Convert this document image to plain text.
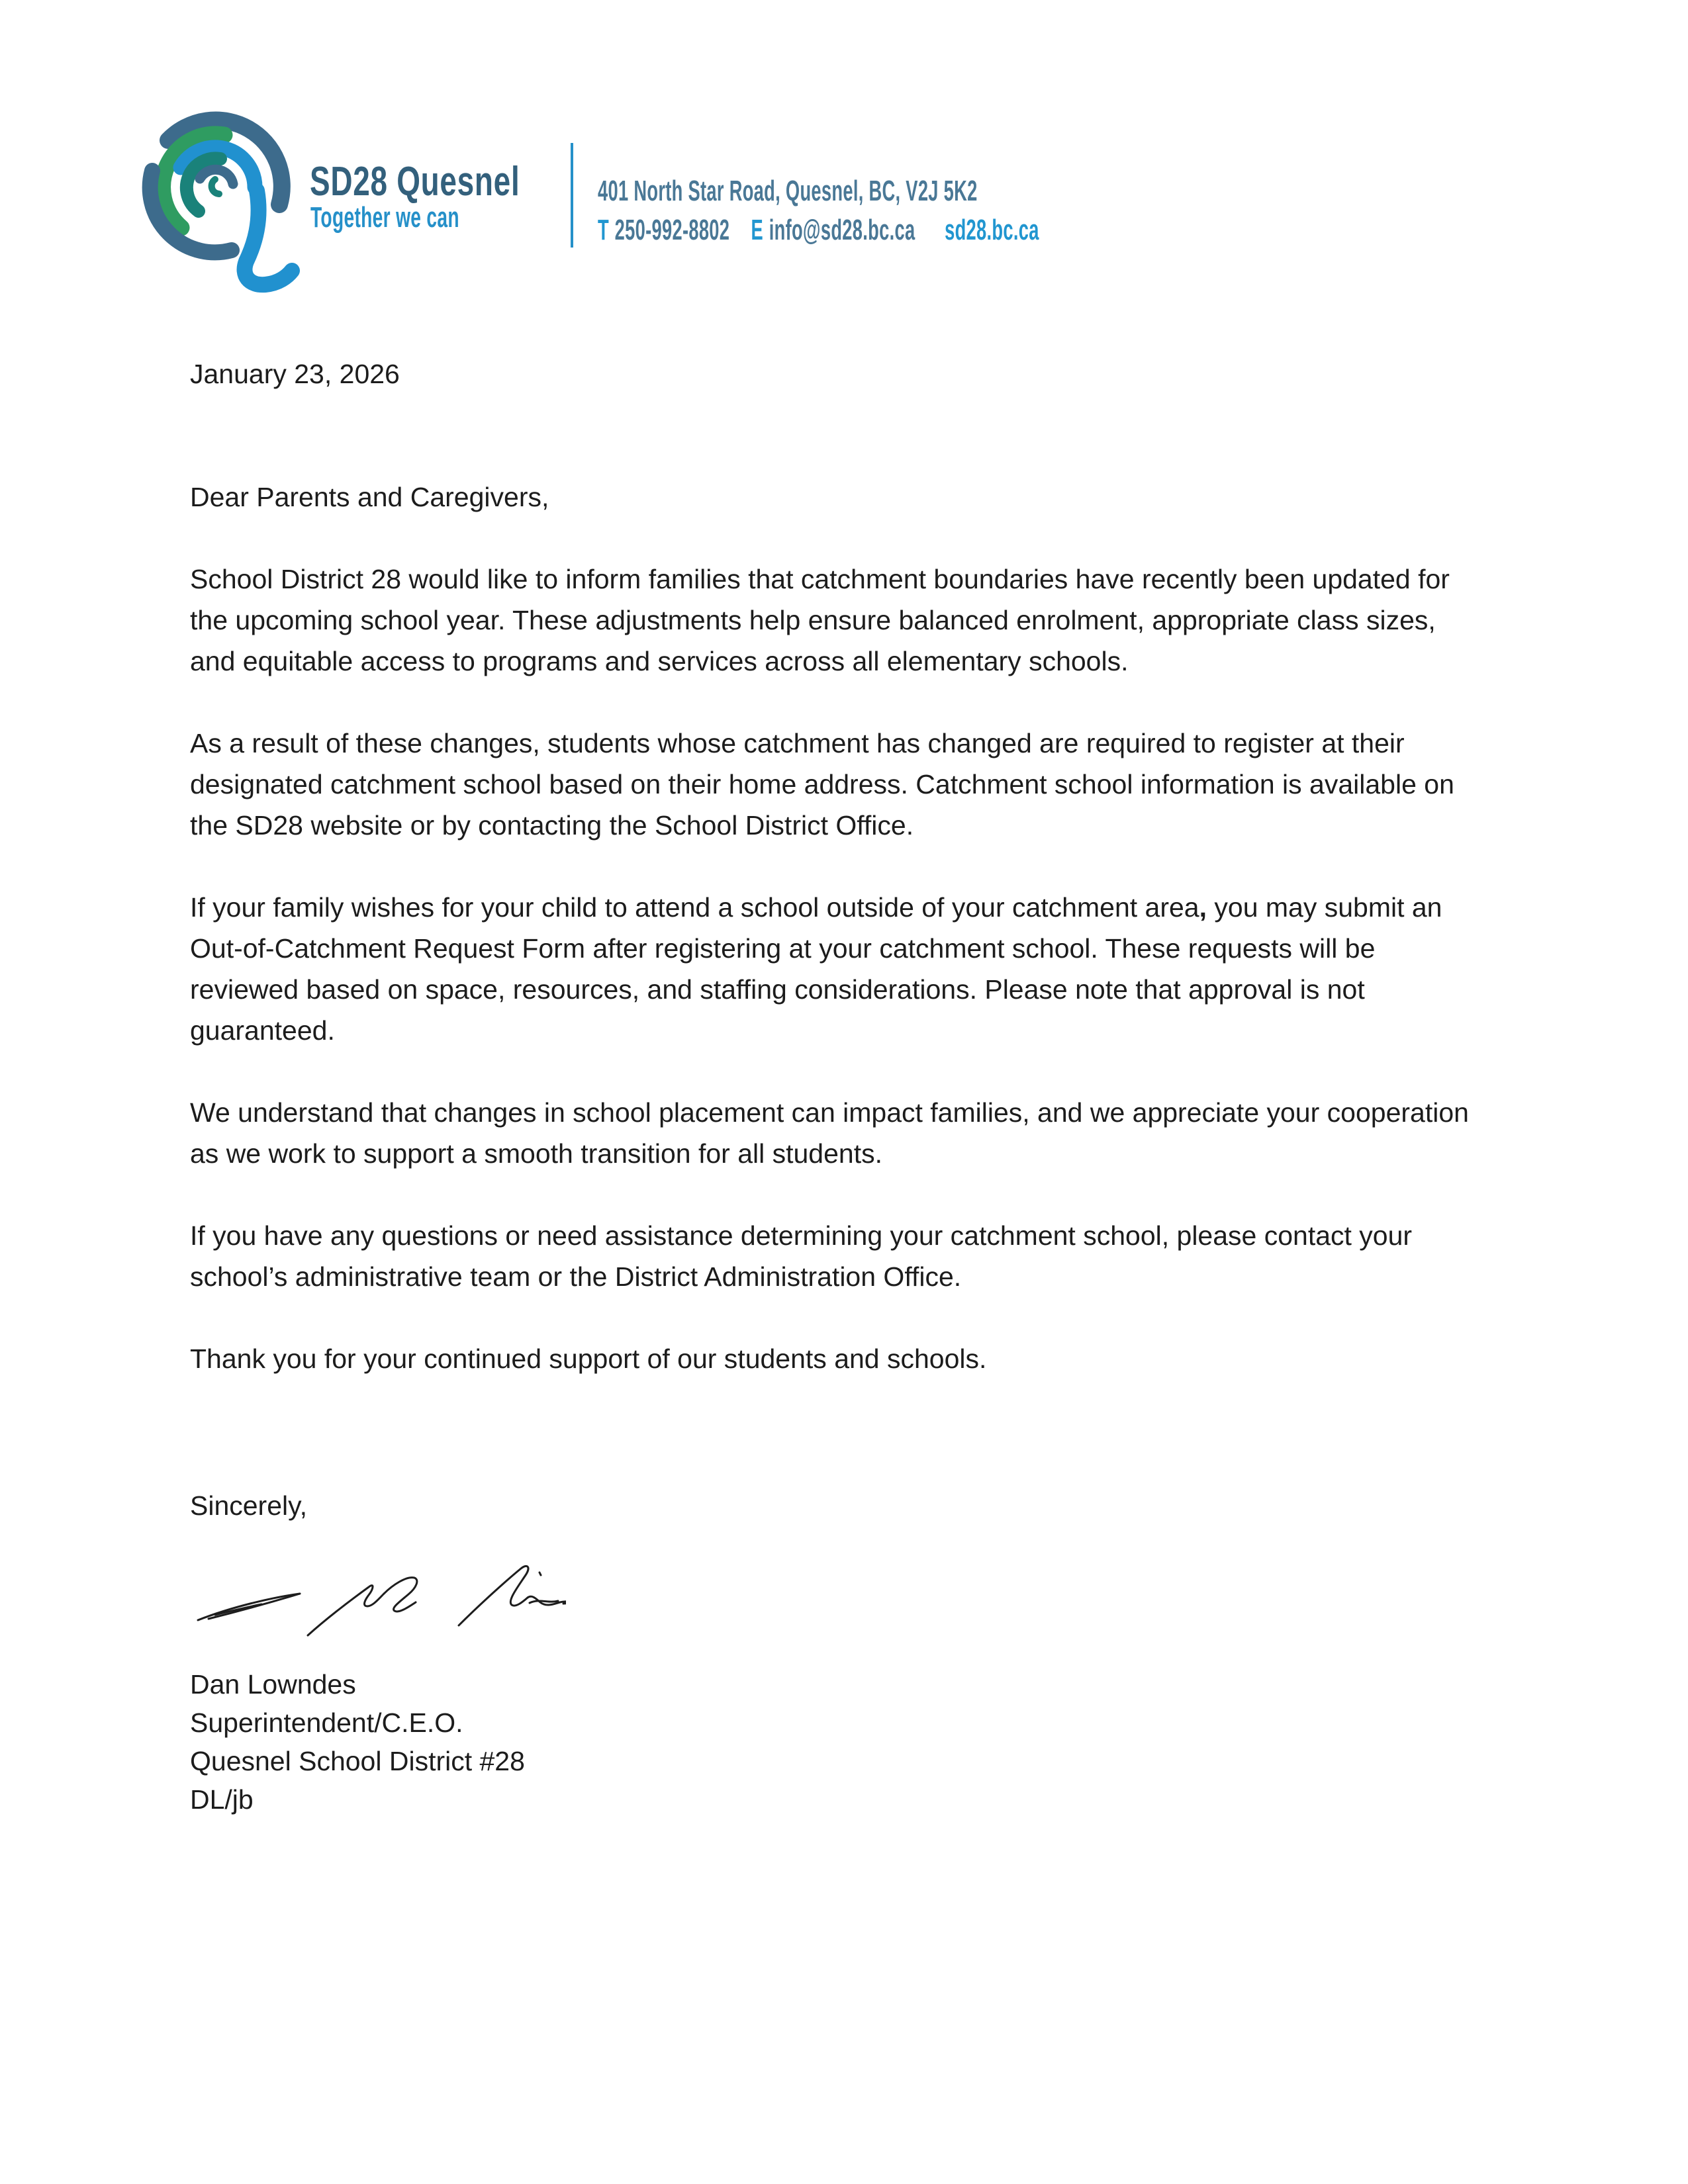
SD28 Quesnel
Together we can
401 North Star Road, Quesnel, BC, V2J 5K2
T 250-992-8802 E info@sd28.bc.ca sd28.bc.ca

January 23, 2026

Dear Parents and Caregivers,

School District 28 would like to inform families that catchment boundaries have recently been updated for the upcoming school year. These adjustments help ensure balanced enrolment, appropriate class sizes, and equitable access to programs and services across all elementary schools.

As a result of these changes, students whose catchment has changed are required to register at their designated catchment school based on their home address. Catchment school information is available on the SD28 website or by contacting the School District Office.

If your family wishes for your child to attend a school outside of your catchment area, you may submit an Out-of-Catchment Request Form after registering at your catchment school. These requests will be reviewed based on space, resources, and staffing considerations. Please note that approval is not guaranteed.

We understand that changes in school placement can impact families, and we appreciate your cooperation as we work to support a smooth transition for all students.

If you have any questions or need assistance determining your catchment school, please contact your school’s administrative team or the District Administration Office.

Thank you for your continued support of our students and schools.

Sincerely,

Dan Lowndes
Superintendent/C.E.O.
Quesnel School District #28
DL/jb
